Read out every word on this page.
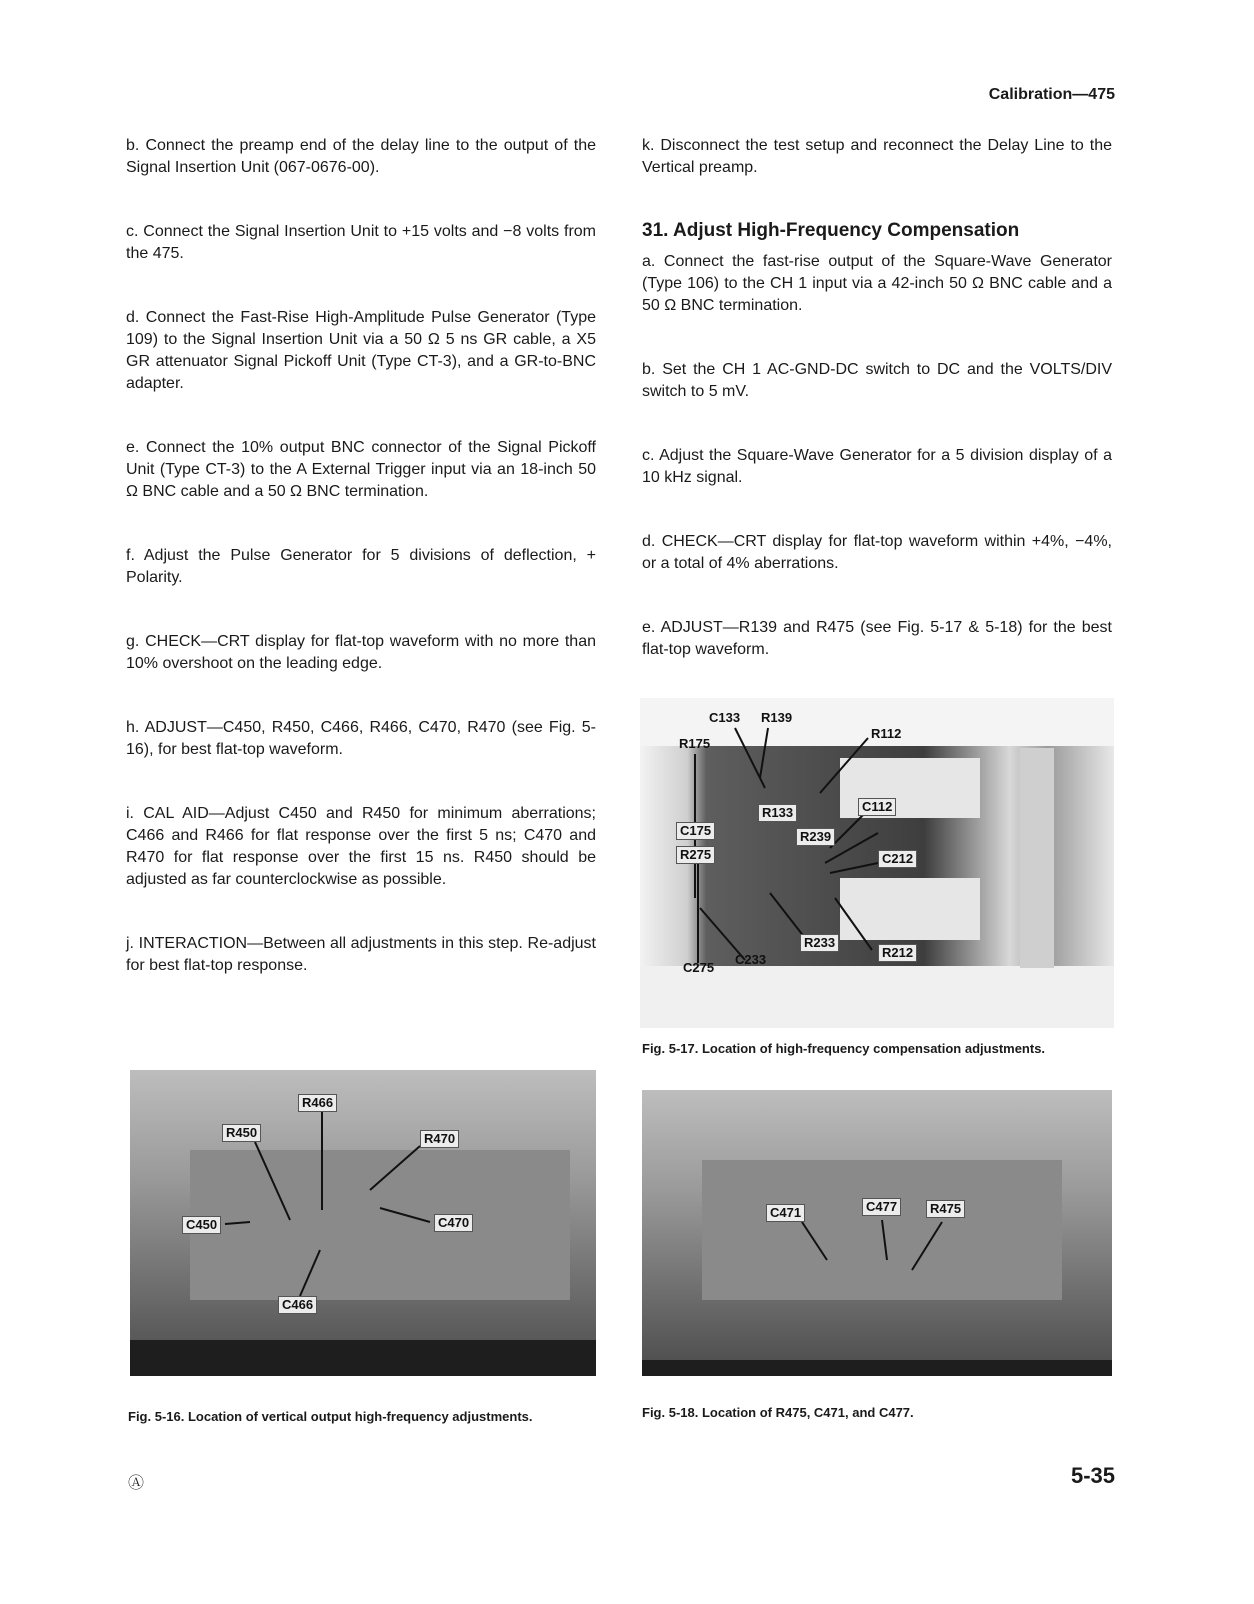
Calibration—475

b. Connect the preamp end of the delay line to the output of the Signal Insertion Unit (067-0676-00).

c. Connect the Signal Insertion Unit to +15 volts and −8 volts from the 475.

d. Connect the Fast-Rise High-Amplitude Pulse Generator (Type 109) to the Signal Insertion Unit via a 50 Ω 5 ns GR cable, a X5 GR attenuator Signal Pickoff Unit (Type CT-3), and a GR-to-BNC adapter.

e. Connect the 10% output BNC connector of the Signal Pickoff Unit (Type CT-3) to the A External Trigger input via an 18-inch 50 Ω BNC cable and a 50 Ω BNC termination.

f. Adjust the Pulse Generator for 5 divisions of deflection, + Polarity.

g. CHECK—CRT display for flat-top waveform with no more than 10% overshoot on the leading edge.

h. ADJUST—C450, R450, C466, R466, C470, R470 (see Fig. 5-16), for best flat-top waveform.

i. CAL AID—Adjust C450 and R450 for minimum aberrations; C466 and R466 for flat response over the first 5 ns; C470 and R470 for flat response over the first 15 ns. R450 should be adjusted as far counterclockwise as possible.

j. INTERACTION—Between all adjustments in this step. Re-adjust for best flat-top response.

k. Disconnect the test setup and reconnect the Delay Line to the Vertical preamp.

31. Adjust High-Frequency Compensation

a. Connect the fast-rise output of the Square-Wave Generator (Type 106) to the CH 1 input via a 42-inch 50 Ω BNC cable and a 50 Ω BNC termination.

b. Set the CH 1 AC-GND-DC switch to DC and the VOLTS/DIV switch to 5 mV.

c. Adjust the Square-Wave Generator for a 5 division display of a 10 kHz signal.

d. CHECK—CRT display for flat-top waveform within +4%, −4%, or a total of 4% aberrations.

e. ADJUST—R139 and R475 (see Fig. 5-17 & 5-18) for the best flat-top waveform.

C133 R139
R175
R112
R133	C112
C175	R239
R275	C212
R233
R212
C275
C233
Fig. 5-17. Location of high-frequency compensation adjustments.
R466
R450	R470
C450	C470
C466
Fig. 5-16. Location of vertical output high-frequency adjustments.
C471	C477	R475
Fig. 5-18. Location of R475, C471, and C477.
Ⓐ	5-35
